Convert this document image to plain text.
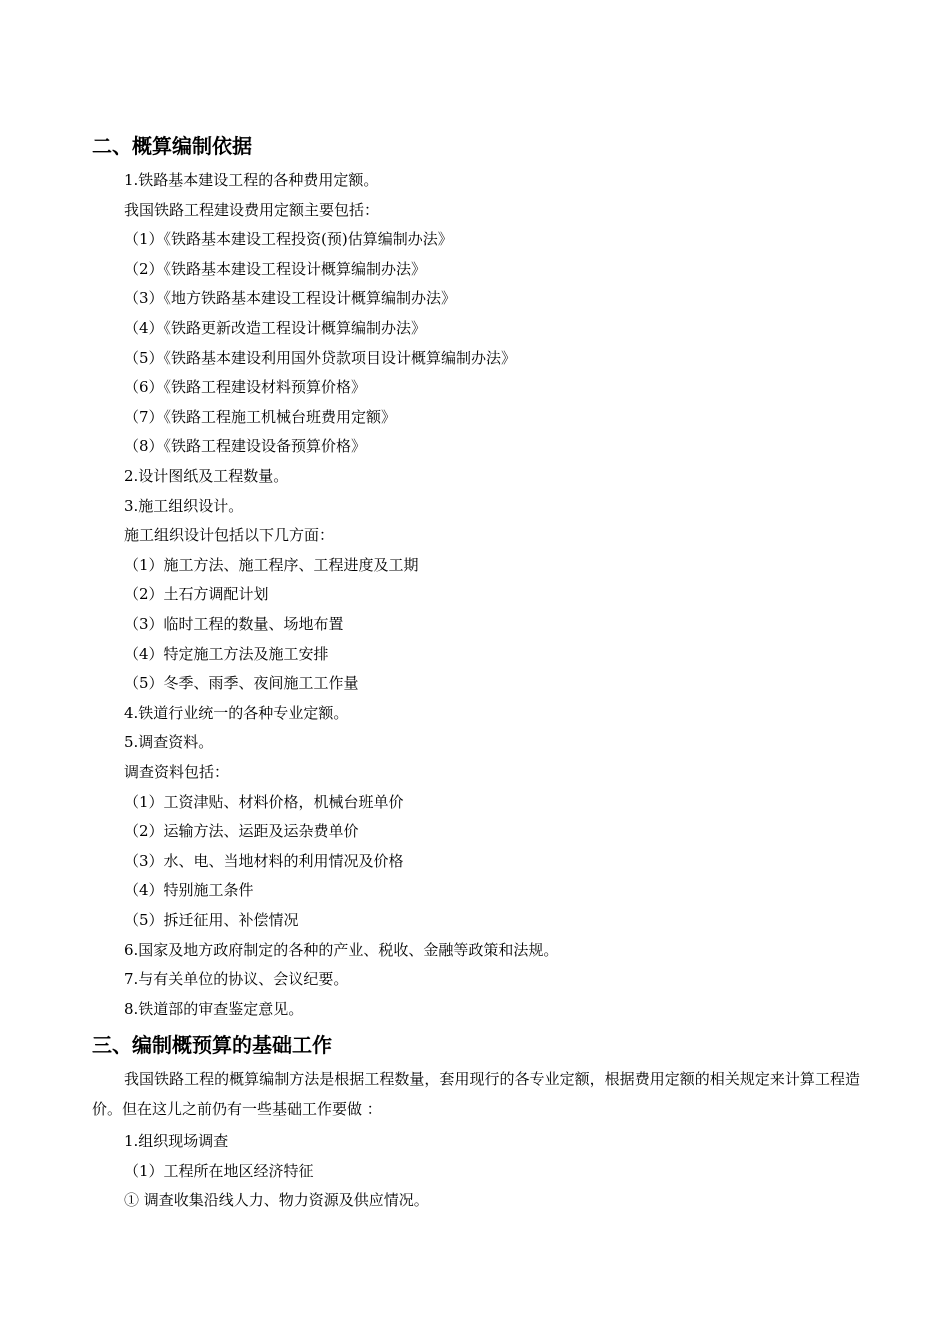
二、概算编制依据

1.铁路基本建设工程的各种费用定额。

我国铁路工程建设费用定额主要包括：

（1）《铁路基本建设工程投资(预)估算编制办法》

（2）《铁路基本建设工程设计概算编制办法》

（3）《地方铁路基本建设工程设计概算编制办法》

（4）《铁路更新改造工程设计概算编制办法》

（5）《铁路基本建设利用国外贷款项目设计概算编制办法》

（6）《铁路工程建设材料预算价格》

（7）《铁路工程施工机械台班费用定额》

（8）《铁路工程建设设备预算价格》

2.设计图纸及工程数量。

3.施工组织设计。

施工组织设计包括以下几方面：

（1）施工方法、施工程序、工程进度及工期

（2）土石方调配计划

（3）临时工程的数量、场地布置

（4）特定施工方法及施工安排

（5）冬季、雨季、夜间施工工作量

4.铁道行业统一的各种专业定额。

5.调查资料。

调查资料包括：

（1）工资津贴、材料价格，机械台班单价

（2）运输方法、运距及运杂费单价

（3）水、电、当地材料的利用情况及价格

（4）特别施工条件

（5）拆迁征用、补偿情况

6.国家及地方政府制定的各种的产业、税收、金融等政策和法规。

7.与有关单位的协议、会议纪要。

8.铁道部的审查鉴定意见。

三、编制概预算的基础工作

我国铁路工程的概算编制方法是根据工程数量，套用现行的各专业定额，根据费用定额的相关规定来计算工程造价。但在这儿之前仍有一些基础工作要做 ：

1.组织现场调查

（1）工程所在地区经济特征

① 调查收集沿线人力、物力资源及供应情况。
